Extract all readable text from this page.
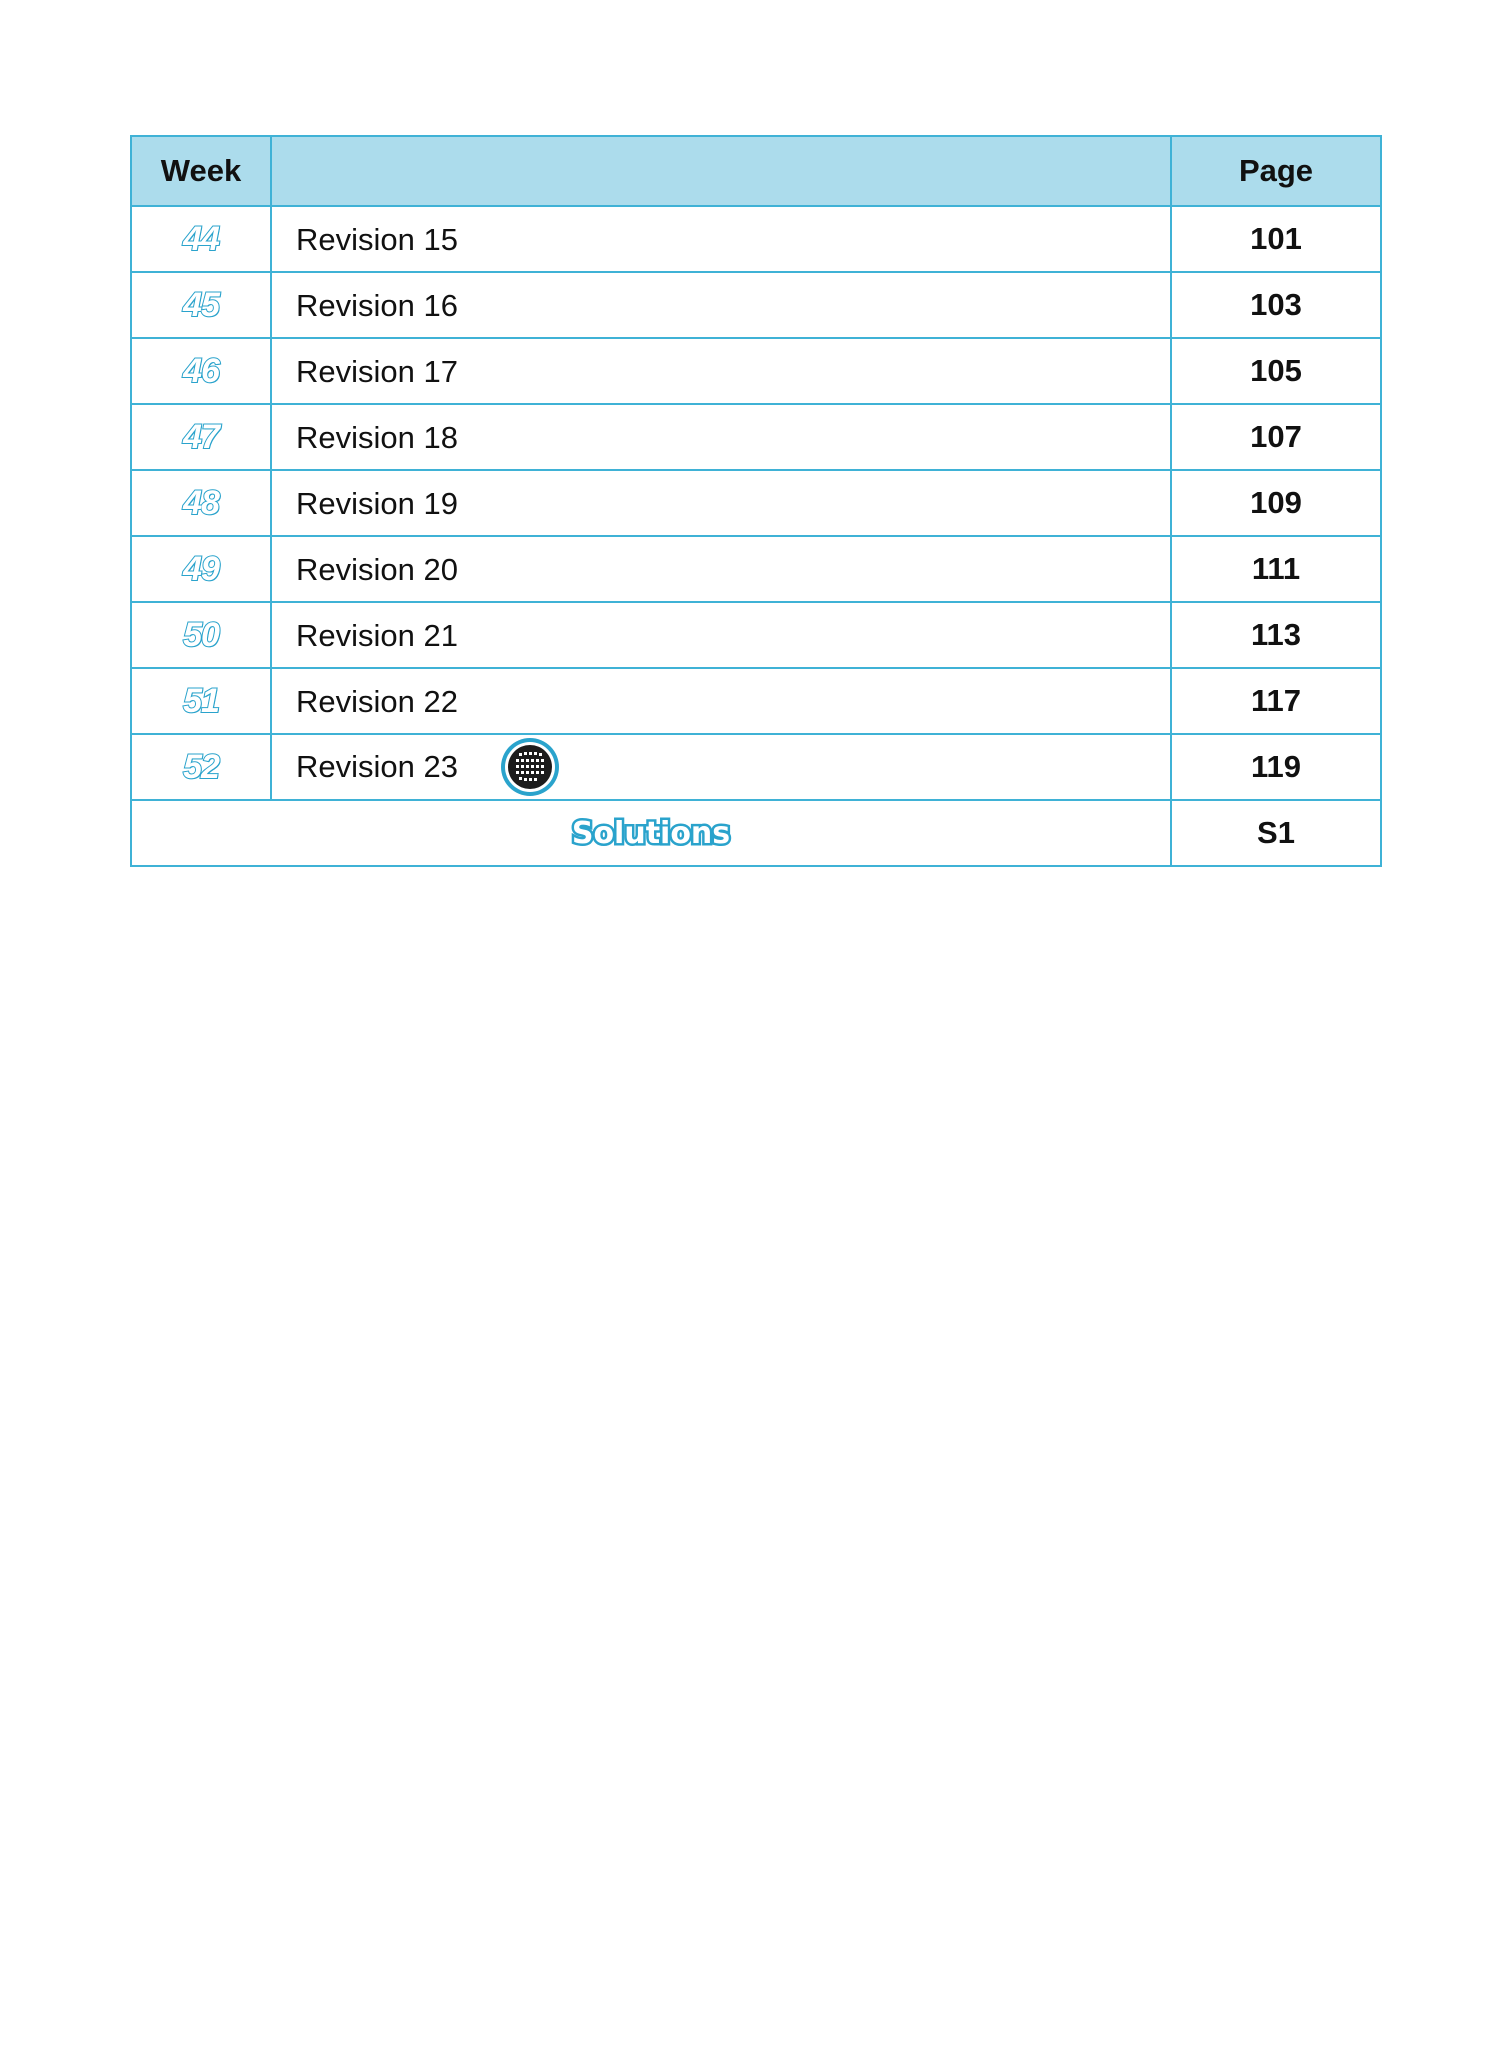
Week		Page
44	Revision 15	101
45	Revision 16	103
46	Revision 17	105
47	Revision 18	107
48	Revision 19	109
49	Revision 20	111
50	Revision 21	113
51	Revision 22	117
52	Revision 23	119
Solutions		S1
